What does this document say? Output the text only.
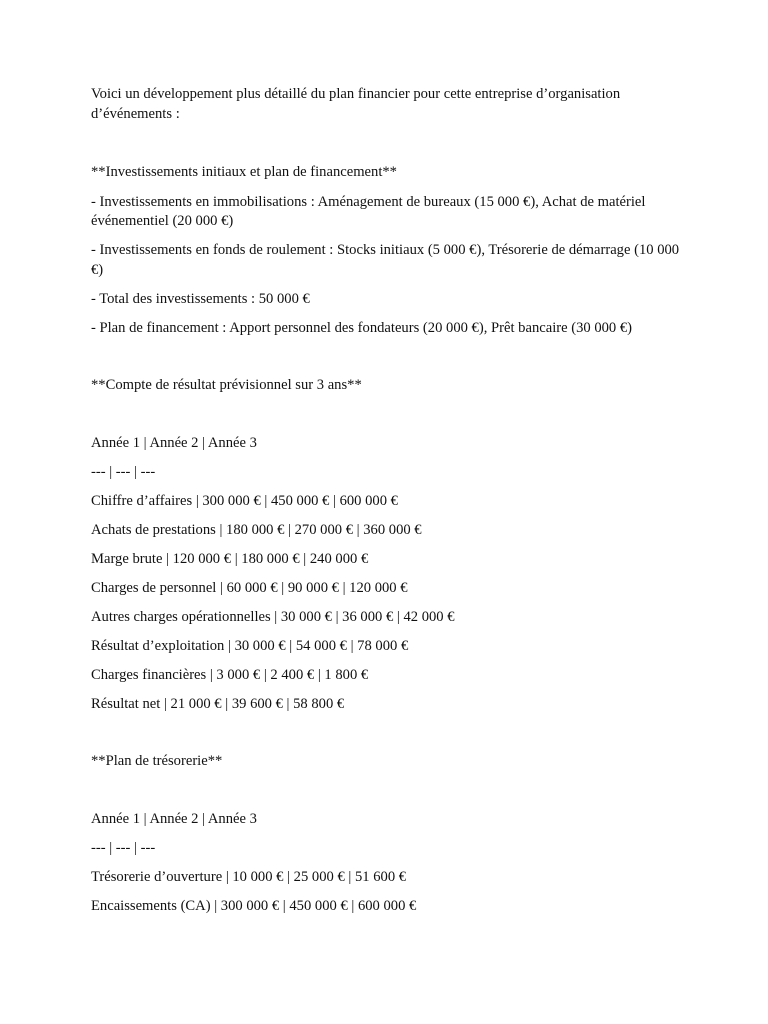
Voici un développement plus détaillé du plan financier pour cette entreprise d’organisation d’événements :

**Investissements initiaux et plan de financement**

- Investissements en immobilisations : Aménagement de bureaux (15 000 €), Achat de matériel événementiel (20 000 €)

- Investissements en fonds de roulement : Stocks initiaux (5 000 €), Trésorerie de démarrage (10 000 €)

- Total des investissements : 50 000 €

- Plan de financement : Apport personnel des fondateurs (20 000 €), Prêt bancaire (30 000 €)

**Compte de résultat prévisionnel sur 3 ans**

Année 1 | Année 2 | Année 3

--- | --- | ---

Chiffre d’affaires | 300 000 € | 450 000 € | 600 000 €

Achats de prestations | 180 000 € | 270 000 € | 360 000 €

Marge brute | 120 000 € | 180 000 € | 240 000 €

Charges de personnel | 60 000 € | 90 000 € | 120 000 €

Autres charges opérationnelles | 30 000 € | 36 000 € | 42 000 €

Résultat d’exploitation | 30 000 € | 54 000 € | 78 000 €

Charges financières | 3 000 € | 2 400 € | 1 800 €

Résultat net | 21 000 € | 39 600 € | 58 800 €

**Plan de trésorerie**

Année 1 | Année 2 | Année 3

--- | --- | ---

Trésorerie d’ouverture | 10 000 € | 25 000 € | 51 600 €

Encaissements (CA) | 300 000 € | 450 000 € | 600 000 €
